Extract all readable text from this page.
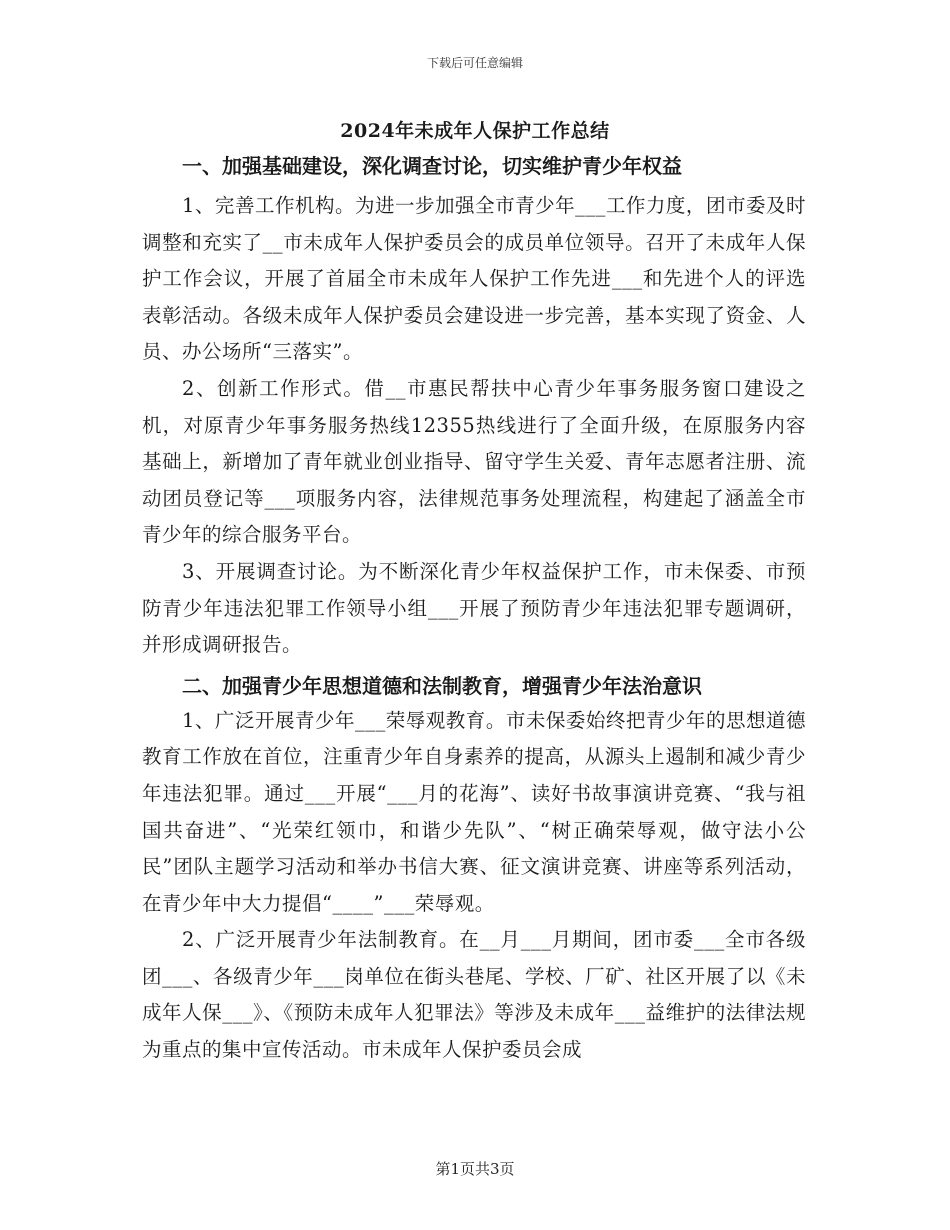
下载后可任意编辑
2024年未成年人保护工作总结

一、加强基础建设，深化调查讨论，切实维护青少年权益

1、完善工作机构。为进一步加强全市青少年___工作力度，团市委及时调整和充实了__市未成年人保护委员会的成员单位领导。召开了未成年人保护工作会议，开展了首届全市未成年人保护工作先进___和先进个人的评选表彰活动。各级未成年人保护委员会建设进一步完善，基本实现了资金、人员、办公场所“三落实”。

2、创新工作形式。借__市惠民帮扶中心青少年事务服务窗口建设之机，对原青少年事务服务热线12355热线进行了全面升级，在原服务内容基础上，新增加了青年就业创业指导、留守学生关爱、青年志愿者注册、流动团员登记等___项服务内容，法律规范事务处理流程，构建起了涵盖全市青少年的综合服务平台。

3、开展调查讨论。为不断深化青少年权益保护工作，市未保委、市预防青少年违法犯罪工作领导小组___开展了预防青少年违法犯罪专题调研，并形成调研报告。

二、加强青少年思想道德和法制教育，增强青少年法治意识

1、广泛开展青少年___荣辱观教育。市未保委始终把青少年的思想道德教育工作放在首位，注重青少年自身素养的提高，从源头上遏制和减少青少年违法犯罪。通过___开展“___月的花海”、读好书故事演讲竞赛、“我与祖国共奋进”、“光荣红领巾，和谐少先队”、“树正确荣辱观，做守法小公民”团队主题学习活动和举办书信大赛、征文演讲竞赛、讲座等系列活动，在青少年中大力提倡“____”___荣辱观。

2、广泛开展青少年法制教育。在__月___月期间，团市委___全市各级团___、各级青少年___岗单位在街头巷尾、学校、厂矿、社区开展了以《未成年人保___》、《预防未成年人犯罪法》等涉及未成年___益维护的法律法规为重点的集中宣传活动。市未成年人保护委员会成

第1页共3页
